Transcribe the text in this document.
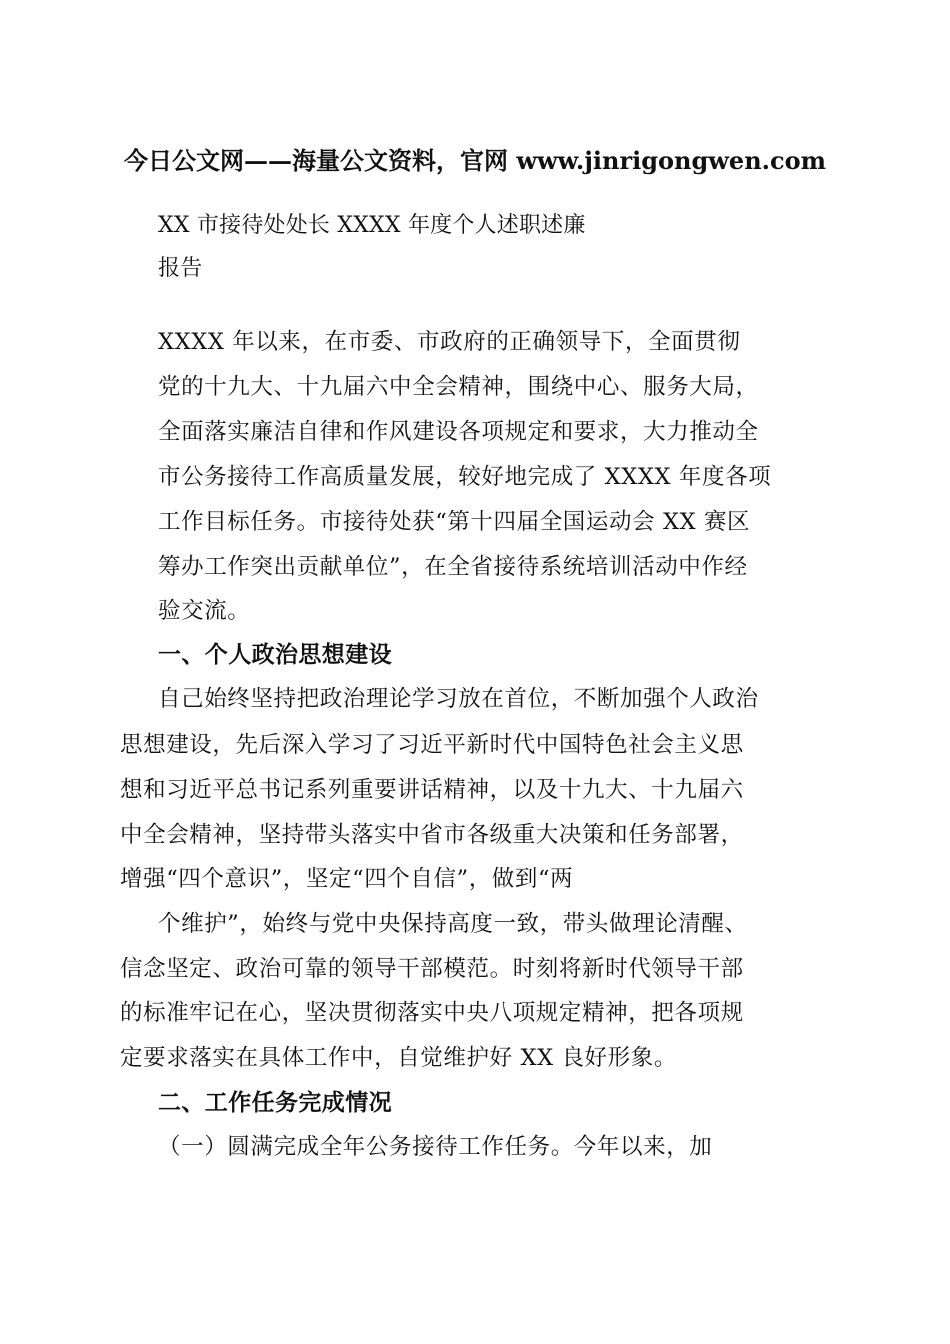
今日公文网——海量公文资料，官网 www.jinrigongwen.com
XX 市接待处处长 XXXX 年度个人述职述廉
报告
XXXX 年以来，在市委、市政府的正确领导下，全面贯彻
党的十九大、十九届六中全会精神，围绕中心、服务大局，
全面落实廉洁自律和作风建设各项规定和要求，大力推动全
市公务接待工作高质量发展，较好地完成了 XXXX 年度各项
工作目标任务。市接待处获“第十四届全国运动会 XX 赛区
筹办工作突出贡献单位”，在全省接待系统培训活动中作经
验交流。
一、个人政治思想建设
自己始终坚持把政治理论学习放在首位，不断加强个人政治
思想建设，先后深入学习了习近平新时代中国特色社会主义思
想和习近平总书记系列重要讲话精神，以及十九大、十九届六
中全会精神，坚持带头落实中省市各级重大决策和任务部署，
增强“四个意识”，坚定“四个自信”，做到“两
个维护”，始终与党中央保持高度一致，带头做理论清醒、
信念坚定、政治可靠的领导干部模范。时刻将新时代领导干部
的标准牢记在心，坚决贯彻落实中央八项规定精神，把各项规
定要求落实在具体工作中，自觉维护好 XX 良好形象。
二、工作任务完成情况
（一）圆满完成全年公务接待工作任务。今年以来，加
